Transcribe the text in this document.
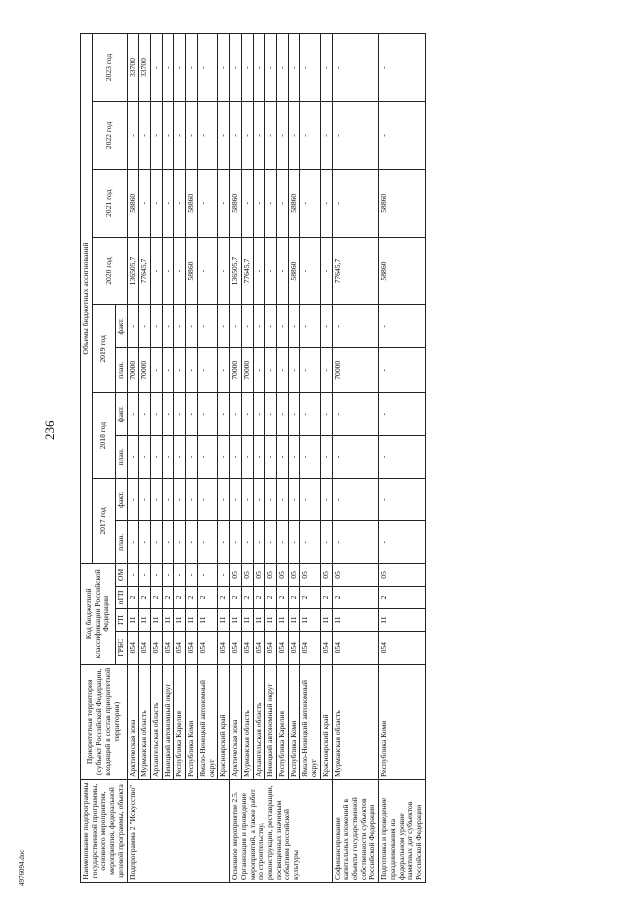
236
4976094.doc	Наименование подпрограммы государственной программы, основного мероприятия, мероприятия, федеральной целевой программы, объекта	Приоритетная территория (субъект Российской Федерации, входящий в состав приоритетной территории)	Код бюджетной классификации Российской Федерации				Объемы бюджетных ассигнований									
						2017 год		2018 год		2019 год		2020 год	2021 год	2022 год	2023 год
		ГРБС	ГП	пГП	ОМ	план.	факт.	план.	факт.	план.	факт.				
Подпрограмма 2 "Искусство"	Арктическая зона	054	11	2	-	-	-	-	-	70000	-	136505,7	58860	-	33700
	Мурманская область	054	11	2	-	-	-	-	-	70000	-	77645,7	-	-	33700
	Архангельская область	054	11	2	-	-	-	-	-	-	-	-	-	-	-
	Ненецкий автономный округ	054	11	2	-	-	-	-	-	-	-	-	-	-	-
	Республика Карелия	054	11	2	-	-	-	-	-	-	-	-	-	-	-
	Республика Коми	054	11	2	-	-	-	-	-	-	-	58860	58860	-	-
	Ямало-Ненецкий автономный округ	054	11	2	-	-	-	-	-	-	-	-	-	-	-
	Красноярский край	054	11	2	-	-	-	-	-	-	-	-	-	-	-
Основное мероприятие 2.5. Организация и проведение мероприятий, а также работ по строительству, реконструкции, реставрации, посвященных значимым событиям российской культуры	Арктическая зона	054	11	2	05	-	-	-	-	70000	-	136505,7	58860	-	-
	Мурманская область	054	11	2	05	-	-	-	-	70000	-	77645,7	-	-	-
	Архангельская область	054	11	2	05	-	-	-	-	-	-	-	-	-	-
	Ненецкий автономный округ	054	11	2	05	-	-	-	-	-	-	-	-	-	-
	Республика Карелия	054	11	2	05	-	-	-	-	-	-	-	-	-	-
	Республика Коми	054	11	2	05	-	-	-	-	-	-	58860	58860	-	-
	Ямало-Ненецкий автономный округ	054	11	2	05	-	-	-	-	-	-	-	-	-	-
	Красноярский край	054	11	2	05	-	-	-	-	-	-	-	-	-	-
Софинансирование капитальных вложений в объекты государственной собственности субъектов Российской Федерации	Мурманская область	054	11	2	05	-	-	-	-	70000	-	77645,7	-	-	-
Подготовка и проведение праздникования на федеральном уровне памятных дат субъектов Российской Федерации	Республика Коми	054	11	2	05	-	-	-	-	-	-	58860	58860	-	-
